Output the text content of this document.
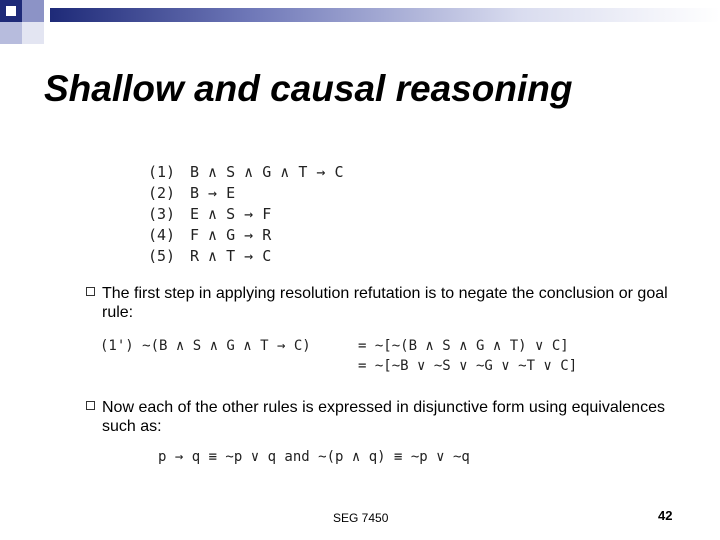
Shallow and causal reasoning
(1) B ∧ S ∧ G ∧ T → C
(2) B → E
(3) E ∧ S → F
(4) F ∧ G → R
(5) R ∧ T → C
The first step in applying resolution refutation is to negate the conclusion or goal rule:
(1') ~(B ∧ S ∧ G ∧ T → C)	= ~[~(B ∧ S ∧ G ∧ T) ∨ C]
= ~[~B ∨ ~S ∨ ~G ∨ ~T ∨ C]
Now each of the other rules is expressed in disjunctive form using equivalences such as:
p → q ≡ ~p ∨ q and ~(p ∧ q) ≡ ~p ∨ ~q
SEG 7450	42
